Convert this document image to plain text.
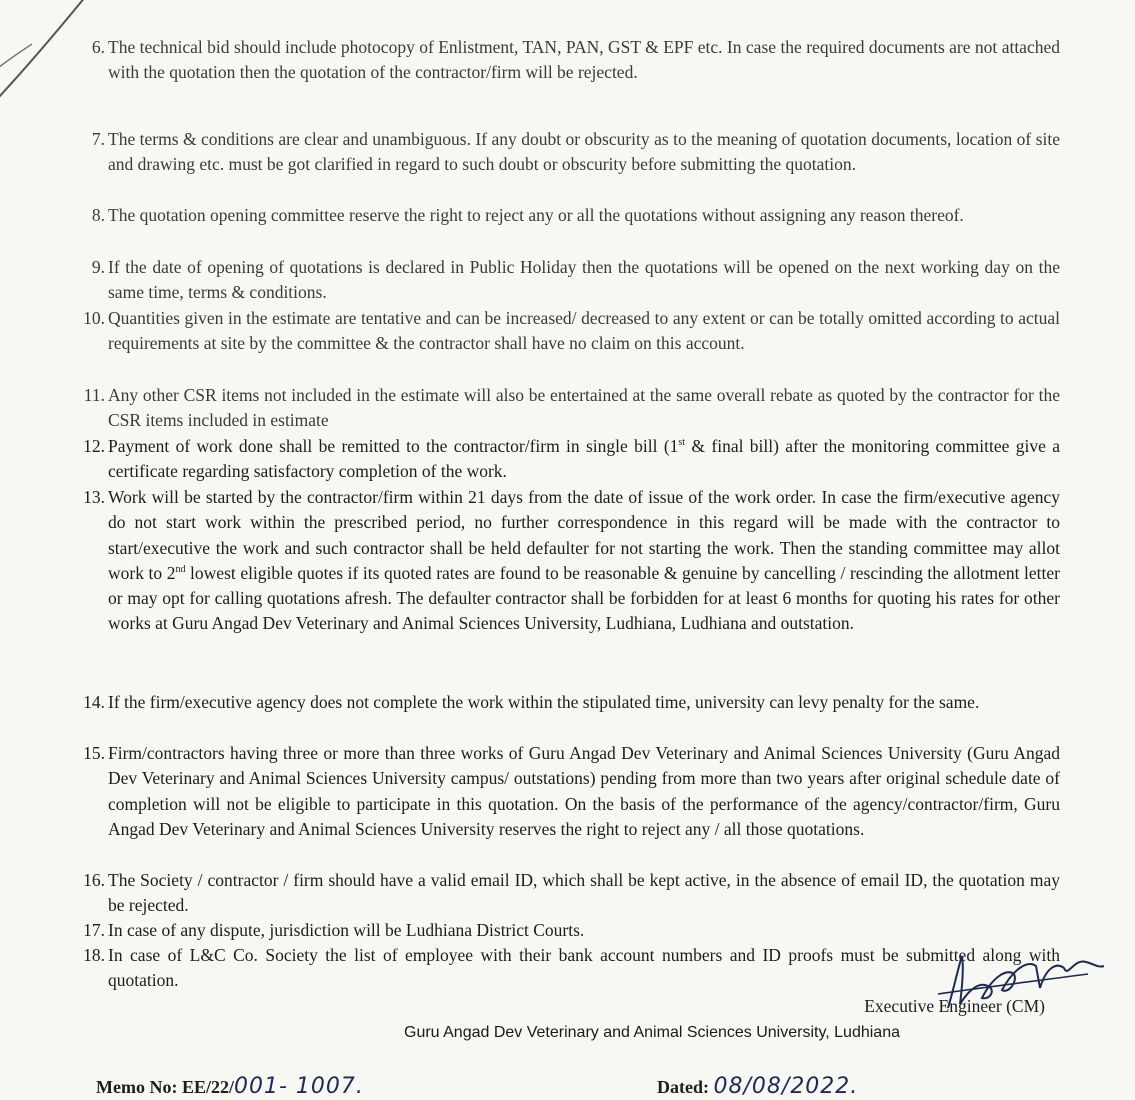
6. The technical bid should include photocopy of Enlistment, TAN, PAN, GST & EPF etc. In case the required documents are not attached with the quotation then the quotation of the contractor/firm will be rejected.
7. The terms & conditions are clear and unambiguous. If any doubt or obscurity as to the meaning of quotation documents, location of site and drawing etc. must be got clarified in regard to such doubt or obscurity before submitting the quotation.
8. The quotation opening committee reserve the right to reject any or all the quotations without assigning any reason thereof.
9. If the date of opening of quotations is declared in Public Holiday then the quotations will be opened on the next working day on the same time, terms & conditions.
10. Quantities given in the estimate are tentative and can be increased/ decreased to any extent or can be totally omitted according to actual requirements at site by the committee & the contractor shall have no claim on this account.
11. Any other CSR items not included in the estimate will also be entertained at the same overall rebate as quoted by the contractor for the CSR items included in estimate
12. Payment of work done shall be remitted to the contractor/firm in single bill (1st & final bill) after the monitoring committee give a certificate regarding satisfactory completion of the work.
13. Work will be started by the contractor/firm within 21 days from the date of issue of the work order. In case the firm/executive agency do not start work within the prescribed period, no further correspondence in this regard will be made with the contractor to start/executive the work and such contractor shall be held defaulter for not starting the work. Then the standing committee may allot work to 2nd lowest eligible quotes if its quoted rates are found to be reasonable & genuine by cancelling / rescinding the allotment letter or may opt for calling quotations afresh. The defaulter contractor shall be forbidden for at least 6 months for quoting his rates for other works at Guru Angad Dev Veterinary and Animal Sciences University, Ludhiana, Ludhiana and outstation.
14. If the firm/executive agency does not complete the work within the stipulated time, university can levy penalty for the same.
15. Firm/contractors having three or more than three works of Guru Angad Dev Veterinary and Animal Sciences University (Guru Angad Dev Veterinary and Animal Sciences University campus/ outstations) pending from more than two years after original schedule date of completion will not be eligible to participate in this quotation. On the basis of the performance of the agency/contractor/firm, Guru Angad Dev Veterinary and Animal Sciences University reserves the right to reject any / all those quotations.
16. The Society / contractor / firm should have a valid email ID, which shall be kept active, in the absence of email ID, the quotation may be rejected.
17. In case of any dispute, jurisdiction will be Ludhiana District Courts.
18. In case of L&C Co. Society the list of employee with their bank account numbers and ID proofs must be submitted along with quotation.
Executive Engineer (CM)
Guru Angad Dev Veterinary and Animal Sciences University, Ludhiana
Memo No: EE/22/001- 1007.	Dated: 08/08/2022.
